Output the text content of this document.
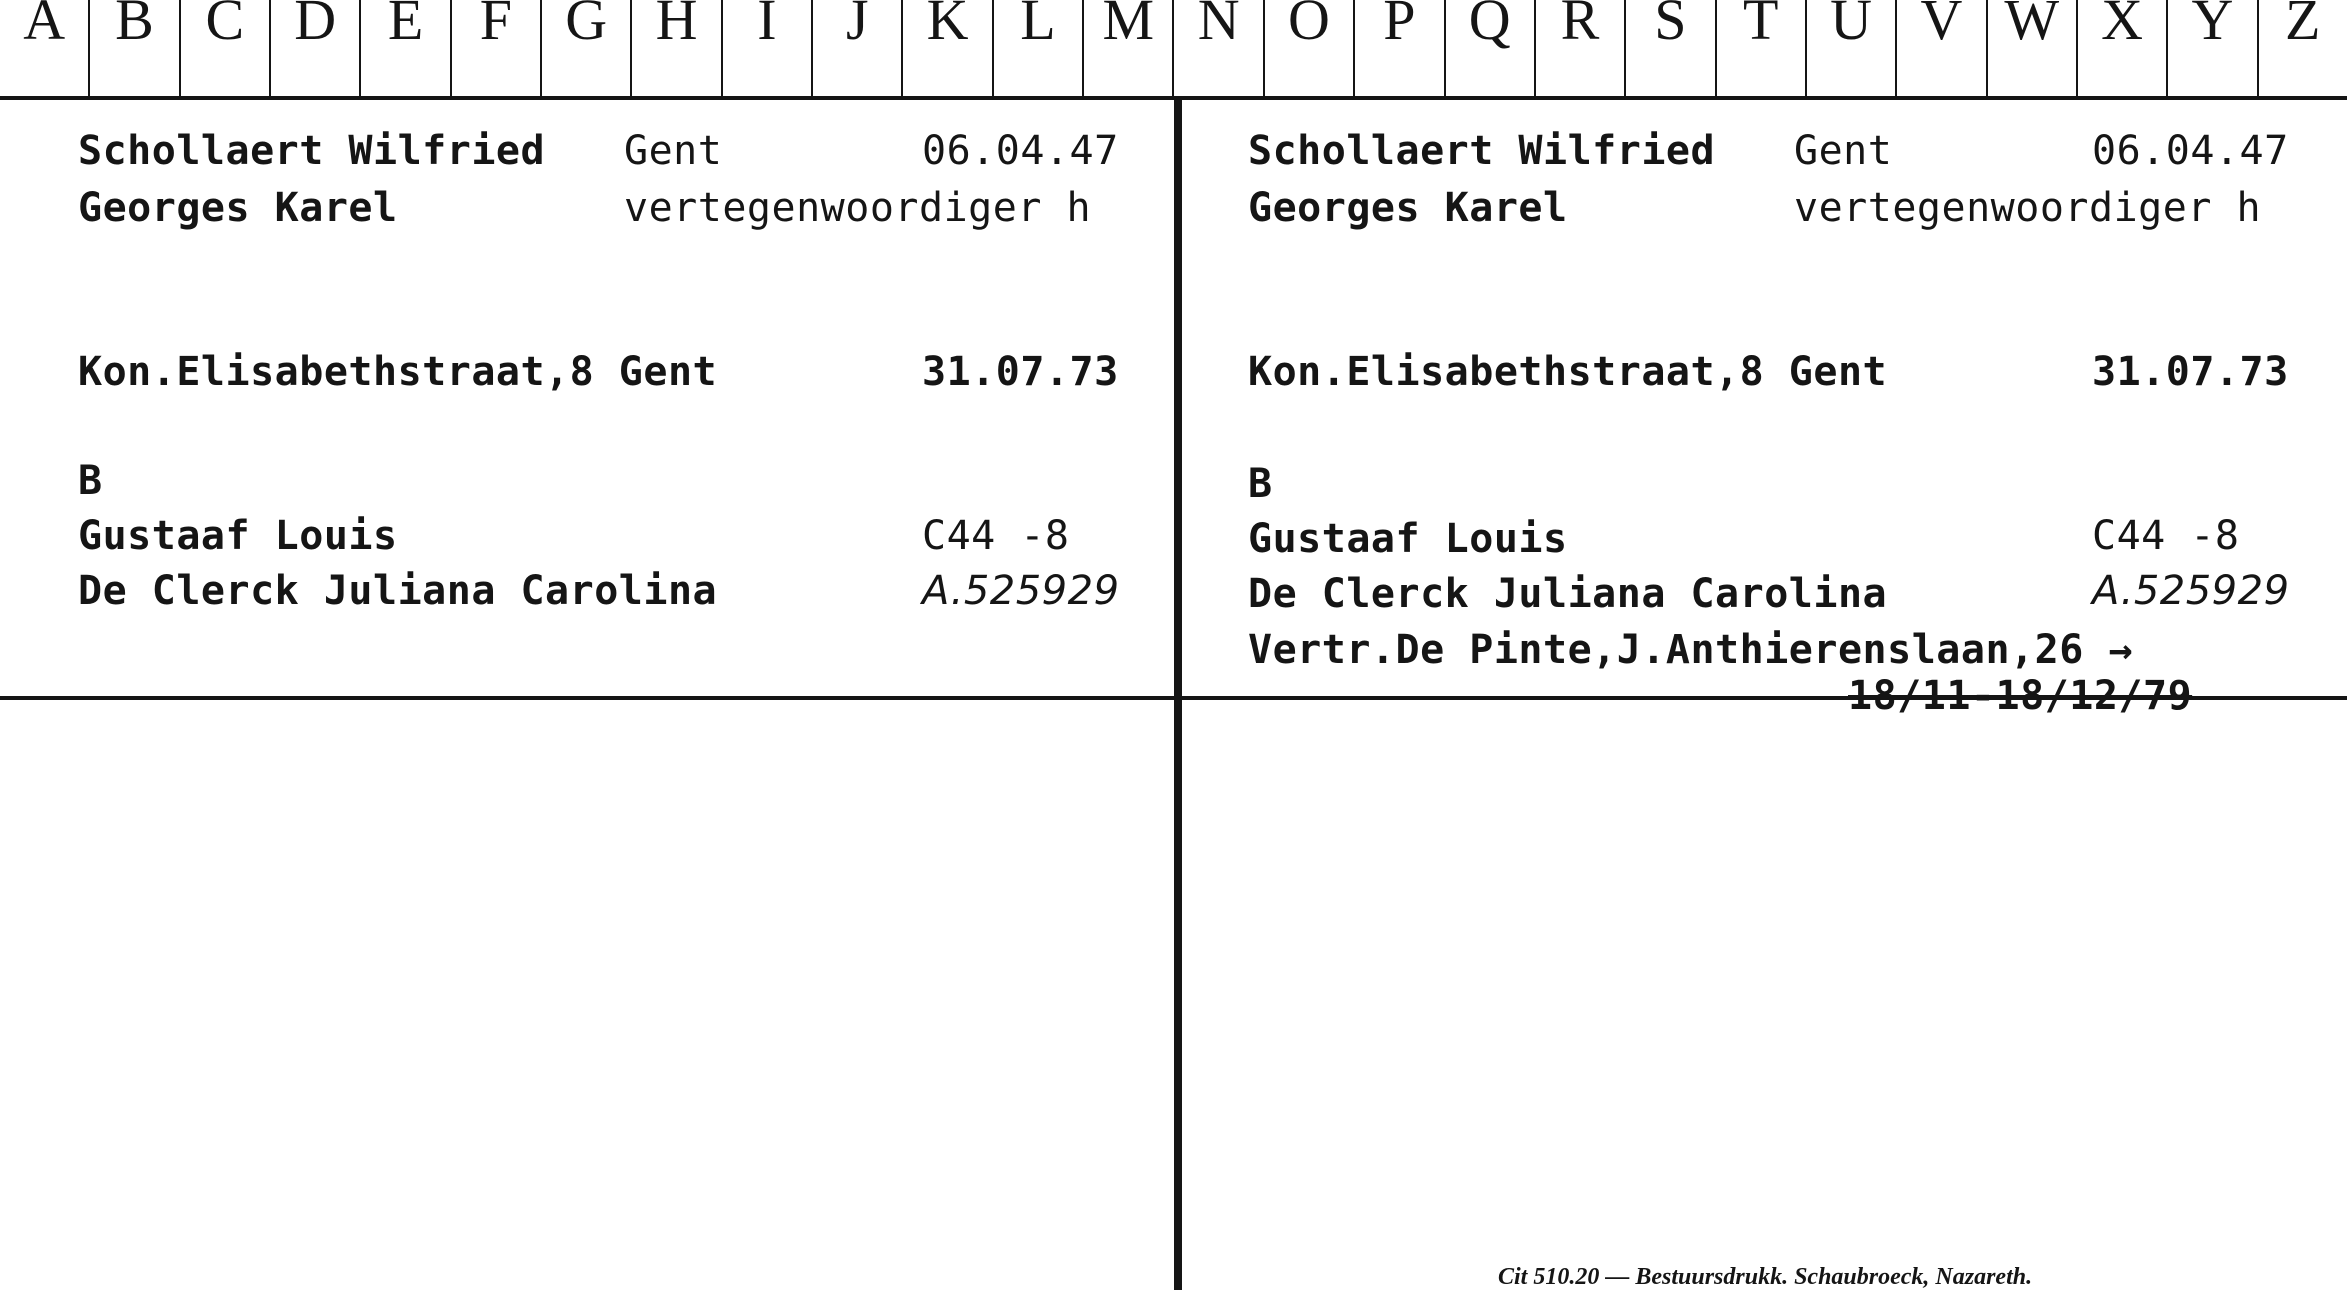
A B C D E F G H	I	J	K L M N O P Q R S T U V W X Y Z
Schollaert Wilfried Gent	06.04.47
Georges Karel	vertegenwoordiger h
Kon.Elisabethstraat,8 Gent	31.07.73
B
Gustaaf Louis	C44 -8
De Clerck Juliana Carolina	A.525929
Schollaert Wilfried Gent	06.04.47
Georges Karel	vertegenwoordiger h
Kon.Elisabethstraat,8 Gent	31.07.73
B
Gustaaf Louis	C44 -8
De Clerck Juliana Carolina	A.525929
Vertr.De Pinte,J.Anthierenslaan,26 →
18/11-18/12/79
Cit 510.20 — Bestuursdrukk. Schaubroeck, Nazareth.
